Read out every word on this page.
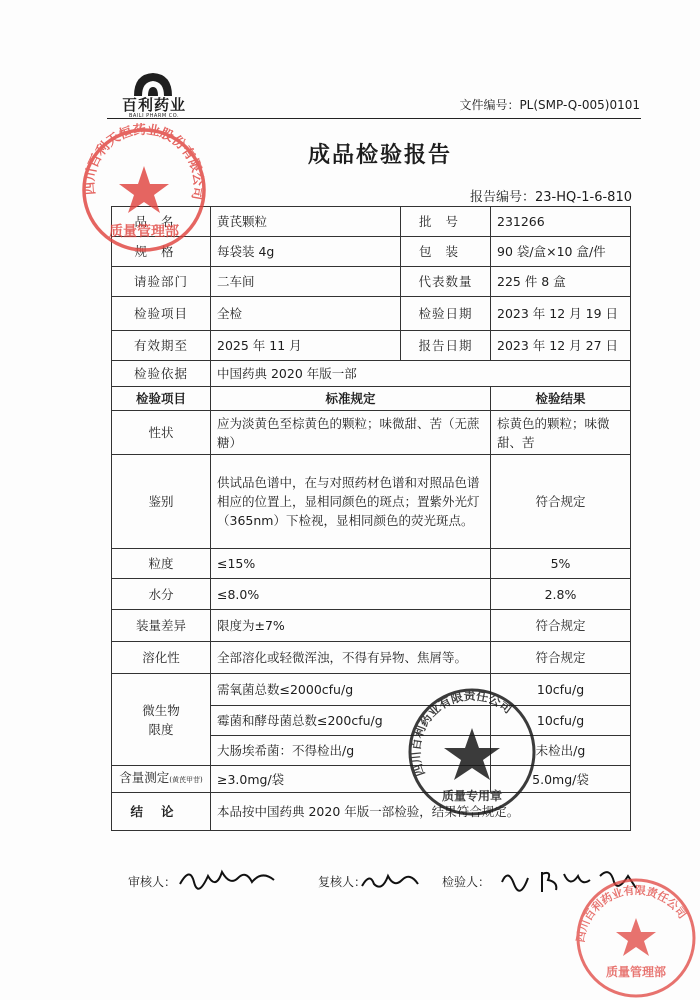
百利药业
BAILI PHARM CO.
文件编号：PL(SMP-Q-005)0101
成品检验报告
报告编号：23-HQ-1-6-810
品名	黄芪颗粒	批号	231266
规格	每袋装 4g	包装	90 袋/盒×10 盒/件
请验部门	二车间	代表数量	225 件 8 盒
检验项目	全检	检验日期	2023 年 12 月 19 日
有效期至	2025 年 11 月	报告日期	2023 年 12 月 27 日
检验依据	中国药典 2020 年版一部		
检验项目	标准规定		检验结果
性状	应为淡黄色至棕黄色的颗粒；味微甜、苦（无蔗糖）		棕黄色的颗粒；味微甜、苦
鉴别	供试品色谱中，在与对照药材色谱和对照品色谱相应的位置上，显相同颜色的斑点；置紫外光灯（365nm）下检视，显相同颜色的荧光斑点。		符合规定
粒度	≤15%		5%
水分	≤8.0%		2.8%
装量差异	限度为±7%		符合规定
溶化性	全部溶化或轻微浑浊，不得有异物、焦屑等。		符合规定

微生物
限度	需氧菌总数≤2000cfu/g		10cfu/g
	霉菌和酵母菌总数≤200cfu/g		10cfu/g
	大肠埃希菌：不得检出/g		未检出/g
含量测定(黄芪甲苷)	≥3.0mg/袋		5.0mg/袋
结论	本品按中国药典 2020 年版一部检验，结果符合规定。		
审核人：	复核人：	检验人：
四川百利天恒药业股份有限公司
质量管理部
四川百利药业有限责任公司
质量专用章
四川百利药业有限责任公司
质量管理部
